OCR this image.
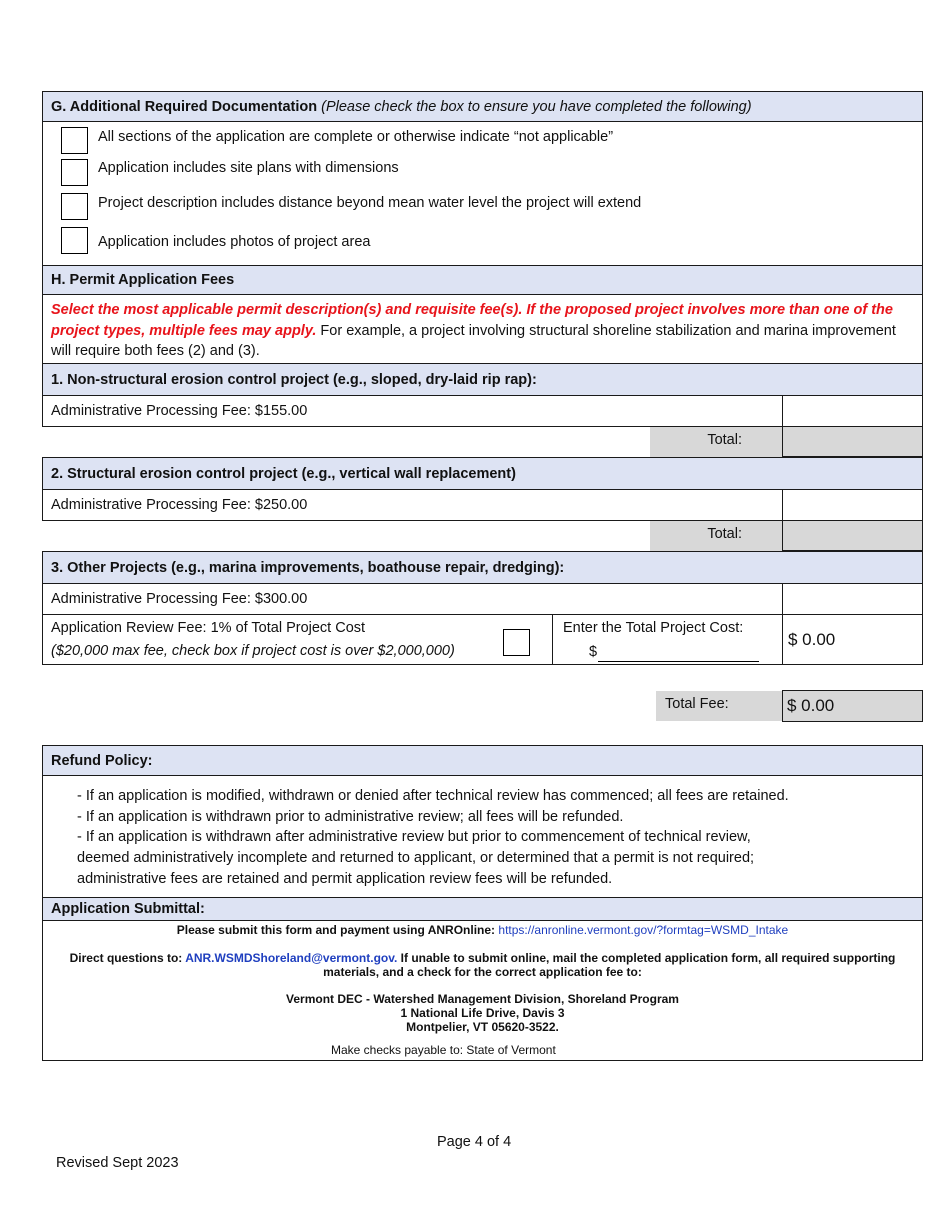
G. Additional Required Documentation (Please check the box to ensure you have completed the following)
All sections of the application are complete or otherwise indicate “not applicable”
Application includes site plans with dimensions
Project description includes distance beyond mean water level the project will extend
Application includes photos of project area
H. Permit Application Fees
Select the most applicable permit description(s) and requisite fee(s). If the proposed project involves more than one of the project types, multiple fees may apply. For example, a project involving structural shoreline stabilization and marina improvement will require both fees (2) and (3).
1. Non-structural erosion control project (e.g., sloped, dry-laid rip rap):
Administrative Processing Fee: $155.00
Total:
2. Structural erosion control project (e.g., vertical wall replacement)
Administrative Processing Fee: $250.00
Total:
3. Other Projects (e.g., marina improvements, boathouse repair, dredging):
Administrative Processing Fee: $300.00
Application Review Fee: 1% of Total Project Cost
($20,000 max fee, check box if project cost is over $2,000,000)
Enter the Total Project Cost:
$
$ 0.00
Total Fee:	$ 0.00
Refund Policy:
- If an application is modified, withdrawn or denied after technical review has commenced; all fees are retained.
- If an application is withdrawn prior to administrative review; all fees will be refunded.
- If an application is withdrawn after administrative review but prior to commencement of technical review,
deemed administratively incomplete and returned to applicant, or determined that a permit is not required;
administrative fees are retained and permit application review fees will be refunded.
Application Submittal:
Please submit this form and payment using ANROnline: https://anronline.vermont.gov/?formtag=WSMD_Intake
Direct questions to: ANR.WSMDShoreland@vermont.gov. If unable to submit online, mail the completed application form, all required supporting
materials, and a check for the correct application fee to:
Vermont DEC - Watershed Management Division, Shoreland Program
1 National Life Drive, Davis 3
Montpelier, VT 05620-3522.
Make checks payable to: State of Vermont
Page 4 of 4
Revised Sept 2023
